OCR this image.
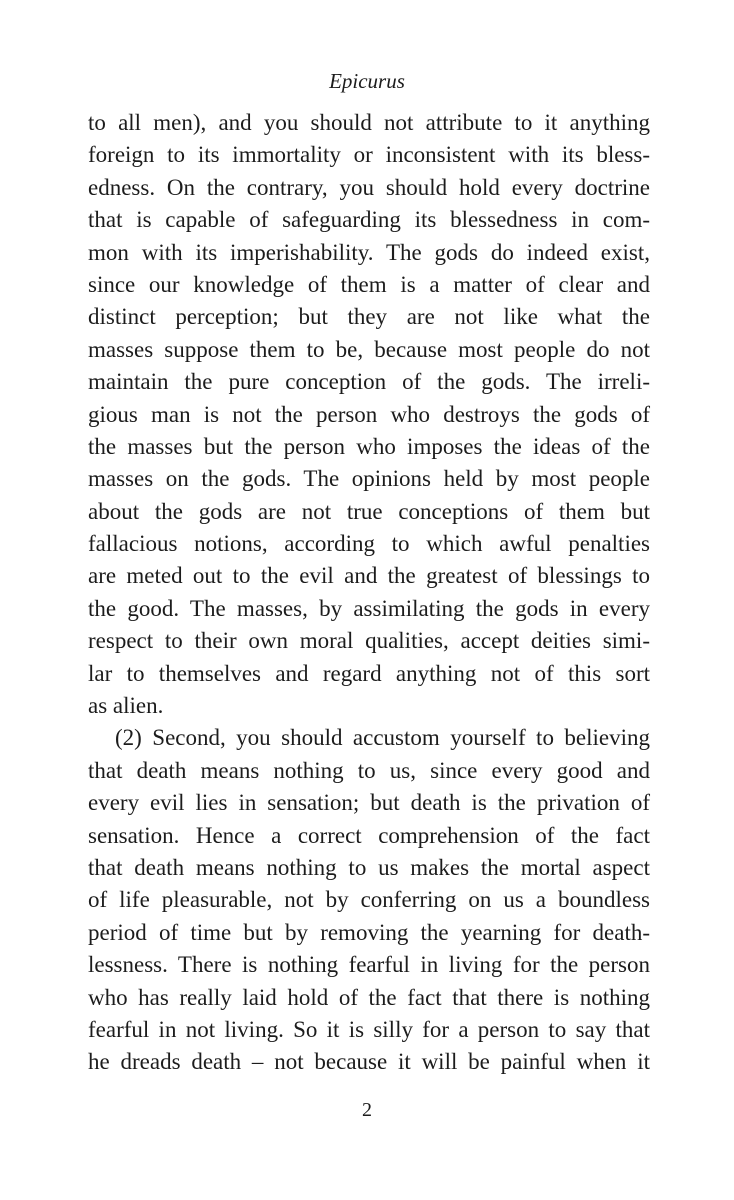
Epicurus
to all men), and you should not attribute to it anything
foreign to its immortality or inconsistent with its bless-
edness. On the contrary, you should hold every doctrine
that is capable of safeguarding its blessedness in com-
mon with its imperishability. The gods do indeed exist,
since our knowledge of them is a matter of clear and
distinct perception; but they are not like what the
masses suppose them to be, because most people do not
maintain the pure conception of the gods. The irreli-
gious man is not the person who destroys the gods of
the masses but the person who imposes the ideas of the
masses on the gods. The opinions held by most people
about the gods are not true conceptions of them but
fallacious notions, according to which awful penalties
are meted out to the evil and the greatest of blessings to
the good. The masses, by assimilating the gods in every
respect to their own moral qualities, accept deities simi-
lar to themselves and regard anything not of this sort
as alien.
(2) Second, you should accustom yourself to believing
that death means nothing to us, since every good and
every evil lies in sensation; but death is the privation of
sensation. Hence a correct comprehension of the fact
that death means nothing to us makes the mortal aspect
of life pleasurable, not by conferring on us a boundless
period of time but by removing the yearning for death-
lessness. There is nothing fearful in living for the person
who has really laid hold of the fact that there is nothing
fearful in not living. So it is silly for a person to say that
he dreads death – not because it will be painful when it
2
